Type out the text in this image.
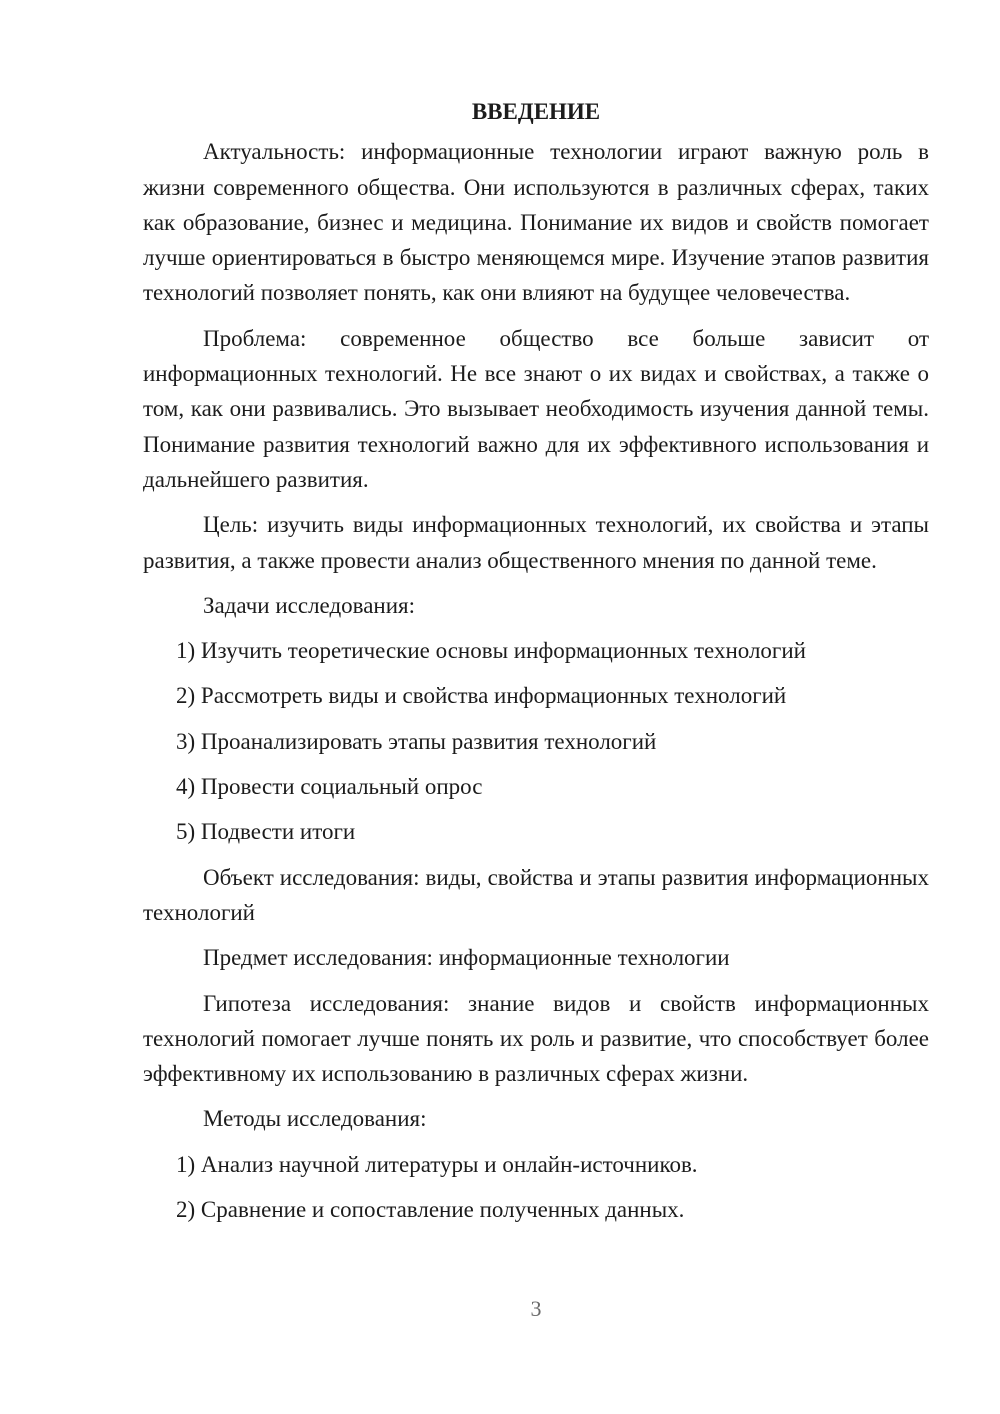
ВВЕДЕНИЕ

Актуальность: информационные технологии играют важную роль в жизни современного общества. Они используются в различных сферах, таких как образование, бизнес и медицина. Понимание их видов и свойств помогает лучше ориентироваться в быстро меняющемся мире. Изучение этапов развития технологий позволяет понять, как они влияют на будущее человечества.

Проблема: современное общество все больше зависит от информационных технологий. Не все знают о их видах и свойствах, а также о том, как они развивались. Это вызывает необходимость изучения данной темы. Понимание развития технологий важно для их эффективного использования и дальнейшего развития.

Цель: изучить виды информационных технологий, их свойства и этапы развития, а также провести анализ общественного мнения по данной теме.

Задачи исследования:

1) Изучить теоретические основы информационных технологий
2) Рассмотреть виды и свойства информационных технологий
3) Проанализировать этапы развития технологий
4) Провести социальный опрос
5) Подвести итоги

Объект исследования: виды, свойства и этапы развития информационных технологий

Предмет исследования: информационные технологии

Гипотеза исследования: знание видов и свойств информационных технологий помогает лучше понять их роль и развитие, что способствует более эффективному их использованию в различных сферах жизни.

Методы исследования:

1) Анализ научной литературы и онлайн-источников.
2) Сравнение и сопоставление полученных данных.
3
